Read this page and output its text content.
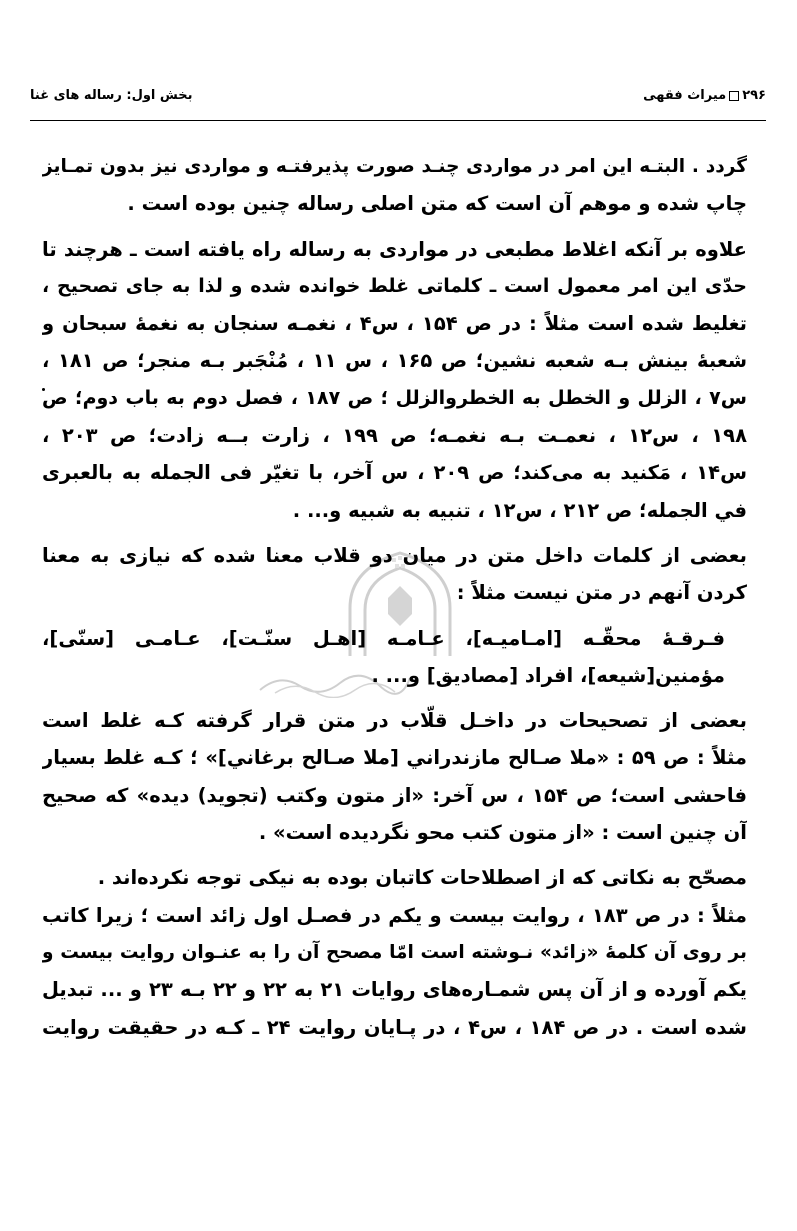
۲۹۶میراث فقهی
بخش اول: رساله های غنا

گردد . البتـه این امر در مواردی چنـد صورت پذیرفتـه و مواردی نیز بدون تمـایز
چاپ شده و موهم آن است که متن اصلی رساله چنین بوده است .

علاوه بر آنکه اغلاط مطبعی در مواردی به رساله راه یافته است ـ هرچند تا
حدّی این امر معمول است ـ کلماتی غلط خوانده شده و لذا به جای تصحیح ،
تغلیط شده است مثلاً : در ص ۱۵۴ ، س۴ ، نغمـه سنجان به نغمهٔ سبحان و
شعبهٔ بینش بـه شعبه نشین؛ ص ۱۶۵ ، س ۱۱ ، مُنْجَبر بـه منجر؛ ص ۱۸۱ ،
س۷ ، الزلل و الخطل به الخطروالزلل ؛ ص ۱۸۷ ، فصل دوم به باب دوم؛ ص
۱۹۸ ، س۱۲ ، نعمـت بـه نغمـه؛ ص ۱۹۹ ، زارت بــه زادت؛ ص ۲۰۳ ،
س۱۴ ، مَکنید به می‌کند؛ ص ۲۰۹ ، س آخر، با تغیّر فی الجمله به بالعبری
في الجمله؛ ص ۲۱۲ ، س۱۲ ، تنبیه به شبیه و... .

بعضی از کلمات داخل متن در میان دو قلاب معنا شده که نیازی به معنا
کردن آنهم در متن نیست مثلاً :

فـرقـهٔ محقّـه [امـامیـه]، عـامـه [اهـل سنّـت]، عـامـی [سنّی]،
مؤمنین[شیعه]، افراد [مصادیق] و... .

بعضی از تصحیحات در داخـل قلّاب در متن قرار گرفته کـه غلط است
مثلاً : ص ۵۹ : «ملا صـالح مازندراني [ملا صـالح برغاني]» ؛ کـه غلط بسیار
فاحشی است؛ ص ۱۵۴ ، س آخر: «از متون وکتب (تجوید) دیده» که صحیح
آن چنین است : «از متون کتب محو نگردیده است» .

مصحّح به نکاتی که از اصطلاحات کاتبان بوده به نیکی توجه نکرده‌اند .
مثلاً : در ص ۱۸۳ ، روایت بیست و یکم در فصـل اول زائد است ؛ زیرا کاتب
بر روی آن کلمهٔ «زائد» نـوشته است امّا مصحح آن را به عنـوان روایت بیست و
یکم آورده و از آن پس شمـاره‌های روایات ۲۱ به ۲۲ و ۲۲ بـه ۲۳ و ... تبدیل
شده است . در ص ۱۸۴ ، س۴ ، در پـایان روایت ۲۴ ـ کـه در حقیقت روایت
